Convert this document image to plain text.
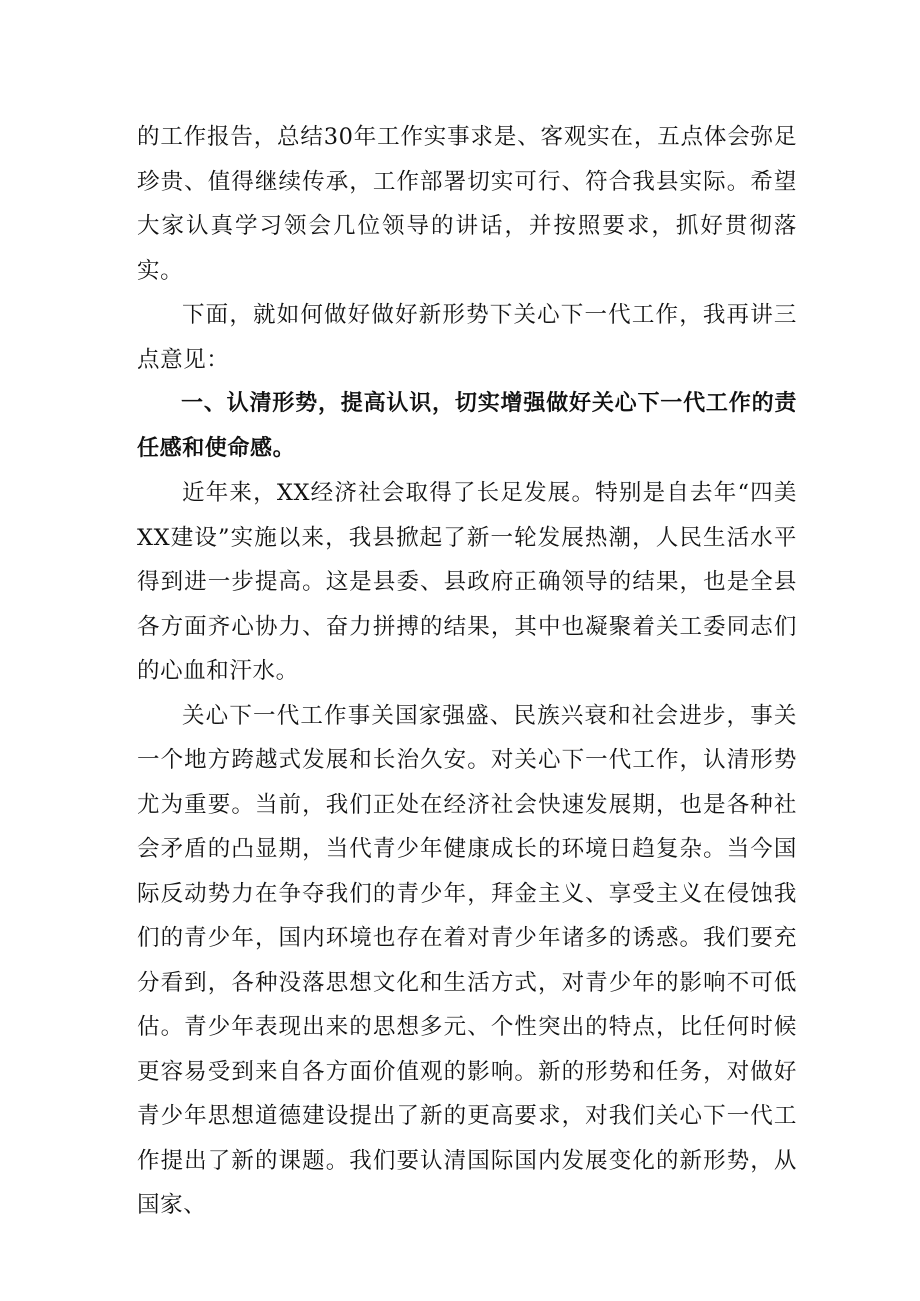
的工作报告，总结30年工作实事求是、客观实在，五点体会弥足珍贵、值得继续传承，工作部署切实可行、符合我县实际。希望大家认真学习领会几位领导的讲话，并按照要求，抓好贯彻落实。

下面，就如何做好做好新形势下关心下一代工作，我再讲三点意见：

一、认清形势，提高认识，切实增强做好关心下一代工作的责任感和使命感。

近年来，XX经济社会取得了长足发展。特别是自去年“四美XX建设”实施以来，我县掀起了新一轮发展热潮，人民生活水平得到进一步提高。这是县委、县政府正确领导的结果，也是全县各方面齐心协力、奋力拼搏的结果，其中也凝聚着关工委同志们的心血和汗水。

关心下一代工作事关国家强盛、民族兴衰和社会进步，事关一个地方跨越式发展和长治久安。对关心下一代工作，认清形势尤为重要。当前，我们正处在经济社会快速发展期，也是各种社会矛盾的凸显期，当代青少年健康成长的环境日趋复杂。当今国际反动势力在争夺我们的青少年，拜金主义、享受主义在侵蚀我们的青少年，国内环境也存在着对青少年诸多的诱惑。我们要充分看到，各种没落思想文化和生活方式，对青少年的影响不可低估。青少年表现出来的思想多元、个性突出的特点，比任何时候更容易受到来自各方面价值观的影响。新的形势和任务，对做好青少年思想道德建设提出了新的更高要求，对我们关心下一代工作提出了新的课题。我们要认清国际国内发展变化的新形势，从国家、
